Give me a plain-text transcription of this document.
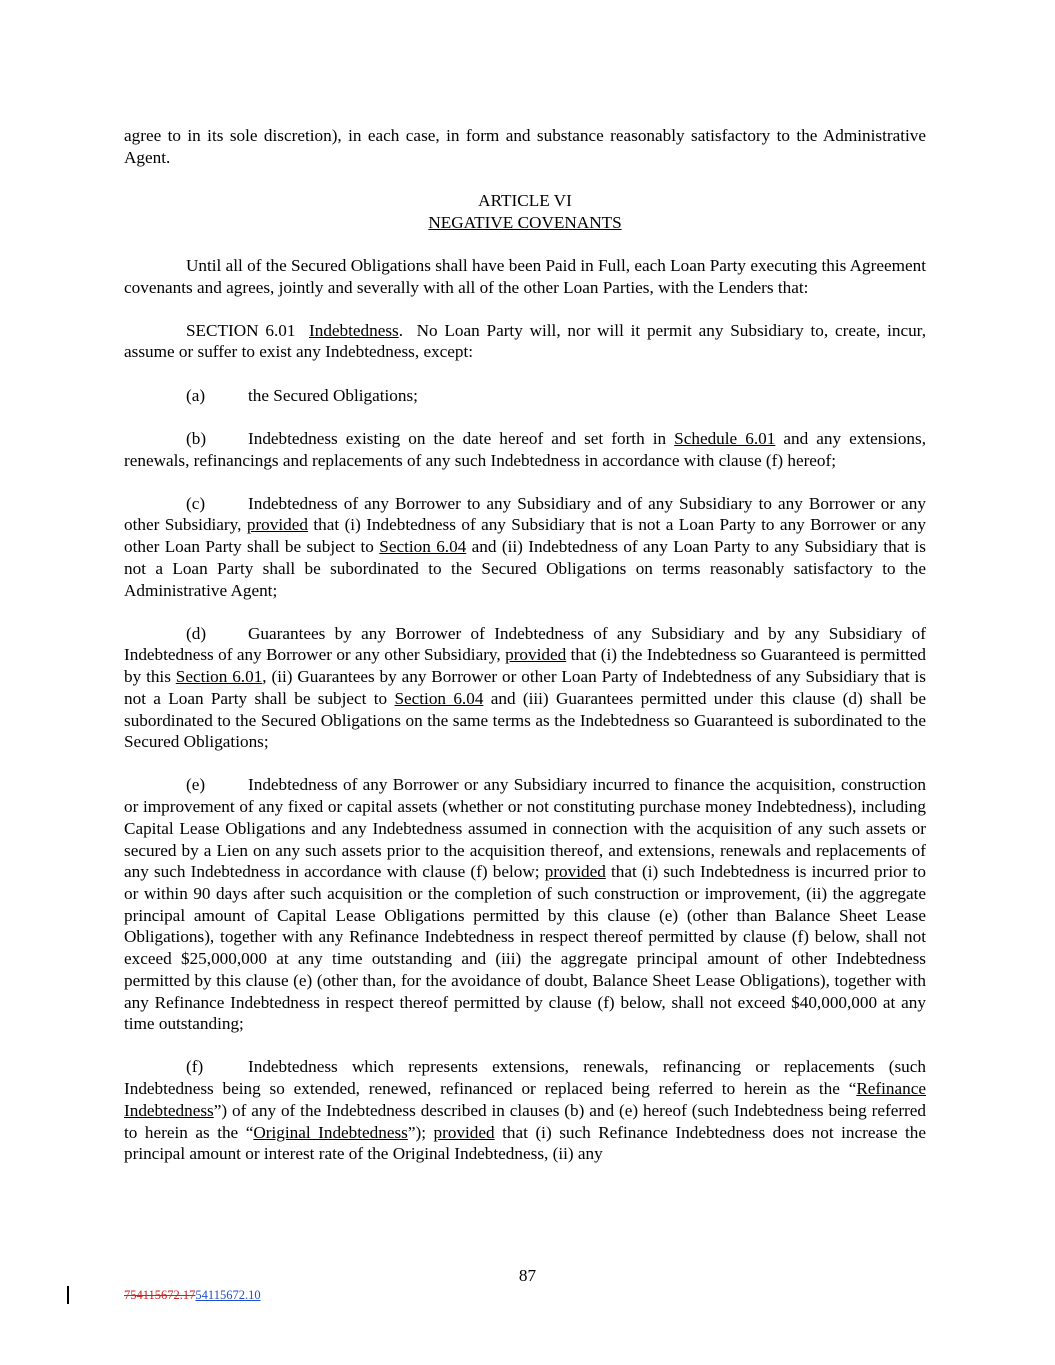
agree to in its sole discretion), in each case, in form and substance reasonably satisfactory to the Administrative Agent.

ARTICLE VI

NEGATIVE COVENANTS

Until all of the Secured Obligations shall have been Paid in Full, each Loan Party executing this Agreement covenants and agrees, jointly and severally with all of the other Loan Parties, with the Lenders that:

SECTION 6.01 Indebtedness.  No Loan Party will, nor will it permit any Subsidiary to, create, incur, assume or suffer to exist any Indebtedness, except:

(a) the Secured Obligations;

(b) Indebtedness existing on the date hereof and set forth in Schedule 6.01 and any extensions, renewals, refinancings and replacements of any such Indebtedness in accordance with clause (f) hereof;

(c) Indebtedness of any Borrower to any Subsidiary and of any Subsidiary to any Borrower or any other Subsidiary, provided that (i) Indebtedness of any Subsidiary that is not a Loan Party to any Borrower or any other Loan Party shall be subject to Section 6.04 and (ii) Indebtedness of any Loan Party to any Subsidiary that is not a Loan Party shall be subordinated to the Secured Obligations on terms reasonably satisfactory to the Administrative Agent;

(d) Guarantees by any Borrower of Indebtedness of any Subsidiary and by any Subsidiary of Indebtedness of any Borrower or any other Subsidiary, provided that (i) the Indebtedness so Guaranteed is permitted by this Section 6.01, (ii) Guarantees by any Borrower or other Loan Party of Indebtedness of any Subsidiary that is not a Loan Party shall be subject to Section 6.04 and (iii) Guarantees permitted under this clause (d) shall be subordinated to the Secured Obligations on the same terms as the Indebtedness so Guaranteed is subordinated to the Secured Obligations;

(e) Indebtedness of any Borrower or any Subsidiary incurred to finance the acquisition, construction or improvement of any fixed or capital assets (whether or not constituting purchase money Indebtedness), including Capital Lease Obligations and any Indebtedness assumed in connection with the acquisition of any such assets or secured by a Lien on any such assets prior to the acquisition thereof, and extensions, renewals and replacements of any such Indebtedness in accordance with clause (f) below; provided that (i) such Indebtedness is incurred prior to or within 90 days after such acquisition or the completion of such construction or improvement, (ii) the aggregate principal amount of Capital Lease Obligations permitted by this clause (e) (other than Balance Sheet Lease Obligations), together with any Refinance Indebtedness in respect thereof permitted by clause (f) below, shall not exceed $25,000,000 at any time outstanding and (iii) the aggregate principal amount of other Indebtedness permitted by this clause (e) (other than, for the avoidance of doubt, Balance Sheet Lease Obligations), together with any Refinance Indebtedness in respect thereof permitted by clause (f) below, shall not exceed $40,000,000 at any time outstanding;

(f)	Indebtedness which represents extensions, renewals, refinancing or replacements (such Indebtedness being so extended, renewed, refinanced or replaced being referred to herein as the “Refinance Indebtedness”) of any of the Indebtedness described in clauses (b) and (e) hereof (such Indebtedness being referred to herein as the “Original Indebtedness”); provided that (i) such Refinance Indebtedness does not increase the principal amount or interest rate of the Original Indebtedness, (ii) any

87
754115672.1754115672.10
